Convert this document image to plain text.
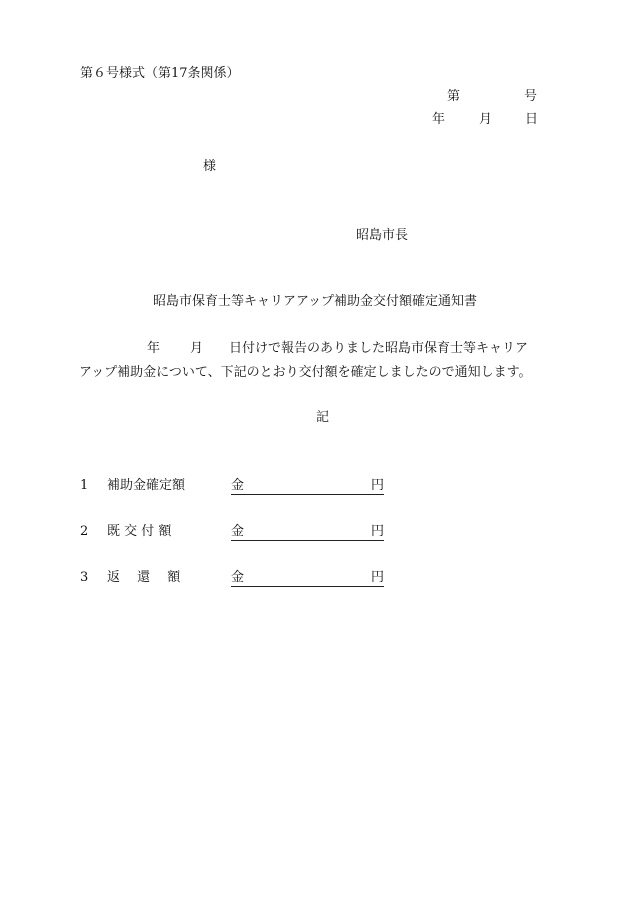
第６号様式（第17条関係）
第	号
年	月	日
様
昭島市長
昭島市保育士等キャリアアップ補助金交付額確定通知書
年 月 日付けで報告のありました昭島市保育士等キャリア
アップ補助金について、下記のとおり交付額を確定しましたので通知します。
記
1 補助金確定額	金	円
2 既 交 付 額	金	円
3 返 　還 　額	金	円
